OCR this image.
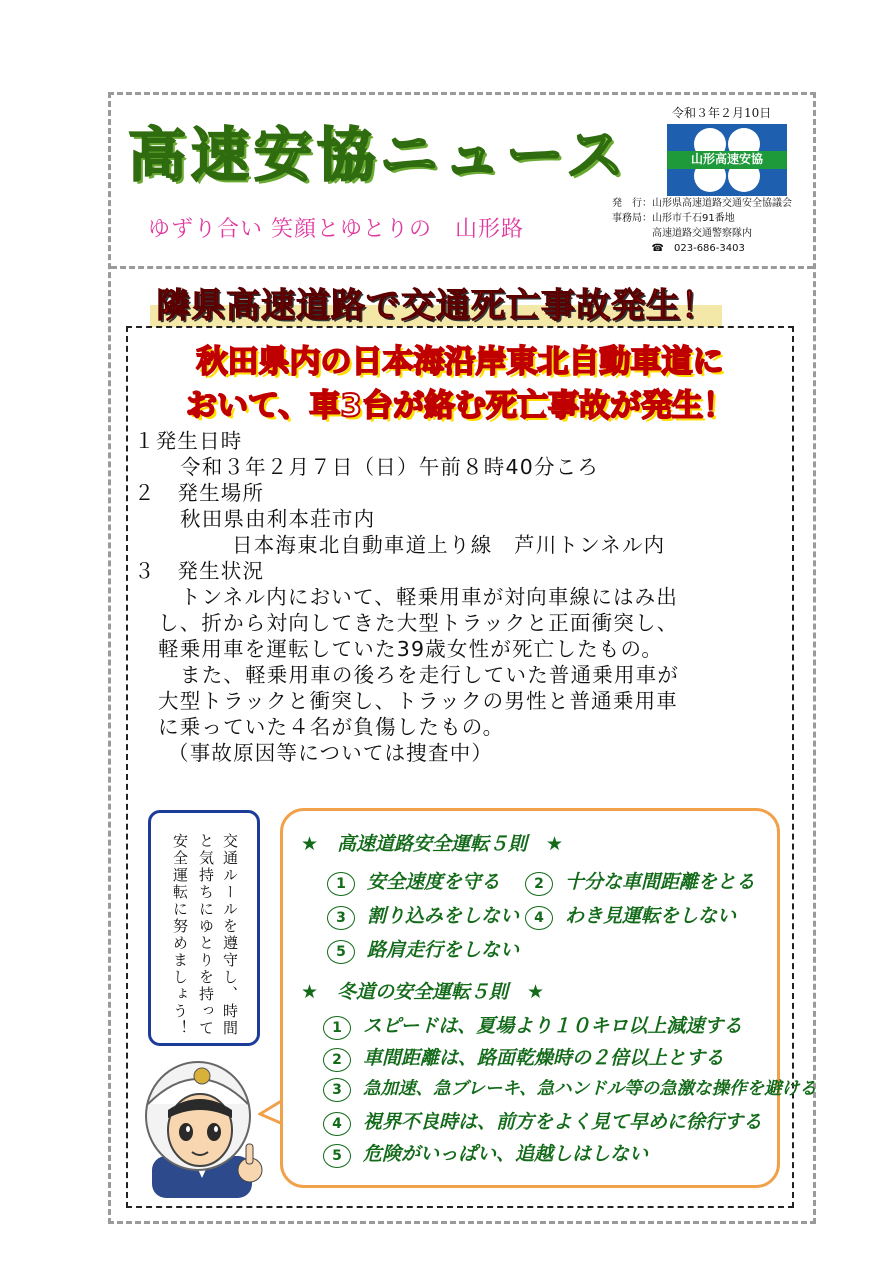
高速安協ニュース
ゆずり合い 笑顔とゆとりの　山形路
令和３年２月10日
山形高速安協
発　行： 山形県高速道路交通安全協議会
事務局： 山形市千石91番地
高速道路交通警察隊内
☎	023-686-3403
隣県高速道路で交通死亡事故発生！
秋田県内の日本海沿岸東北自動車道に
おいて、車3台が絡む死亡事故が発生！

１発生日時

令和３年２月７日（日）午前８時40分ころ

２　発生場所

秋田県由利本荘市内

日本海東北自動車道上り線　芦川トンネル内

３　発生状況

トンネル内において、軽乗用車が対向車線にはみ出

し、折から対向してきた大型トラックと正面衝突し、

軽乗用車を運転していた39歳女性が死亡したもの。

また、軽乗用車の後ろを走行していた普通乗用車が

大型トラックと衝突し、トラックの男性と普通乗用車

に乗っていた４名が負傷したもの。

（事故原因等については捜査中）

交通ルールを遵守し、時間
と気持ちにゆとりを持って
安全運転に努めましょう！	★　高速道路安全運転５則　★
1 安全速度を守る	2 十分な車間距離をとる
3 割り込みをしない	4 わき見運転をしない
5 路肩走行をしない
★　冬道の安全運転５則　★
1 スピードは、夏場より１０キロ以上減速する
2 車間距離は、路面乾燥時の２倍以上とする
3 急加速、急ブレーキ、急ハンドル等の急激な操作を避ける
4 視界不良時は、前方をよく見て早めに徐行する
5 危険がいっぱい、追越しはしない
